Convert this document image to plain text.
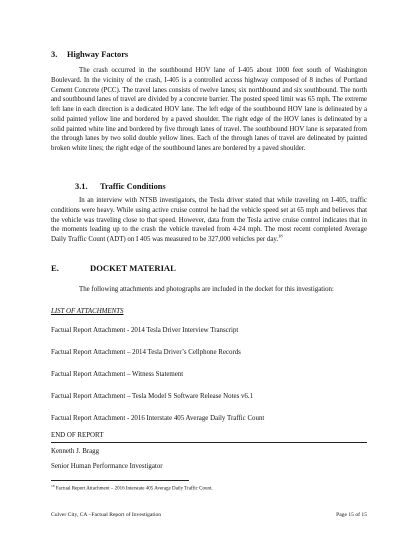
3. Highway Factors

The crash occurred in the southbound HOV lane of I-405 about 1000 feet south of Washington Boulevard. In the vicinity of the crash, I-405 is a controlled access highway composed of 8 inches of Portland Cement Concrete (PCC). The travel lanes consists of twelve lanes; six northbound and six southbound. The north and southbound lanes of travel are divided by a concrete barrier. The posted speed limit was 65 mph. The extreme left lane in each direction is a dedicated HOV lane. The left edge of the southbound HOV lane is delineated by a solid painted yellow line and bordered by a paved shoulder. The right edge of the HOV lanes is delineated by a solid painted white line and bordered by five through lanes of travel. The southbound HOV lane is separated from the through lanes by two solid double yellow lines. Each of the through lanes of travel are delineated by painted broken white lines; the right edge of the southbound lanes are bordered by a paved shoulder.

3.1. Traffic Conditions

In an interview with NTSB investigators, the Tesla driver stated that while traveling on I-405, traffic conditions were heavy. While using active cruise control he had the vehicle speed set at 65 mph and believes that the vehicle was traveling close to that speed. However, data from the Tesla active cruise control indicates that in the moments leading up to the crash the vehicle traveled from 4-24 mph. The most recent completed Average Daily Traffic Count (ADT) on I 405 was measured to be 327,000 vehicles per day.$^{18}$

E.	DOCKET MATERIAL

The following attachments and photographs are included in the docket for this investigation:

LIST OF ATTACHMENTS
Factual Report Attachment - 2014 Tesla Driver Interview Transcript
Factual Report Attachment – 2014 Tesla Driver’s Cellphone Records
Factual Report Attachment – Witness Statement
Factual Report Attachment – Tesla Model S Software Release Notes v6.1
Factual Report Attachment - 2016 Interstate 405 Average Daily Traffic Count
END OF REPORT
Kenneth J. Bragg
Senior Human Performance Investigator
$^{18}$ Factual Report Attachment – 2016 Interstate 405 Average Daily Traffic Count.
Culver City, CA –Factual Report of Investigation	Page 15 of 15
